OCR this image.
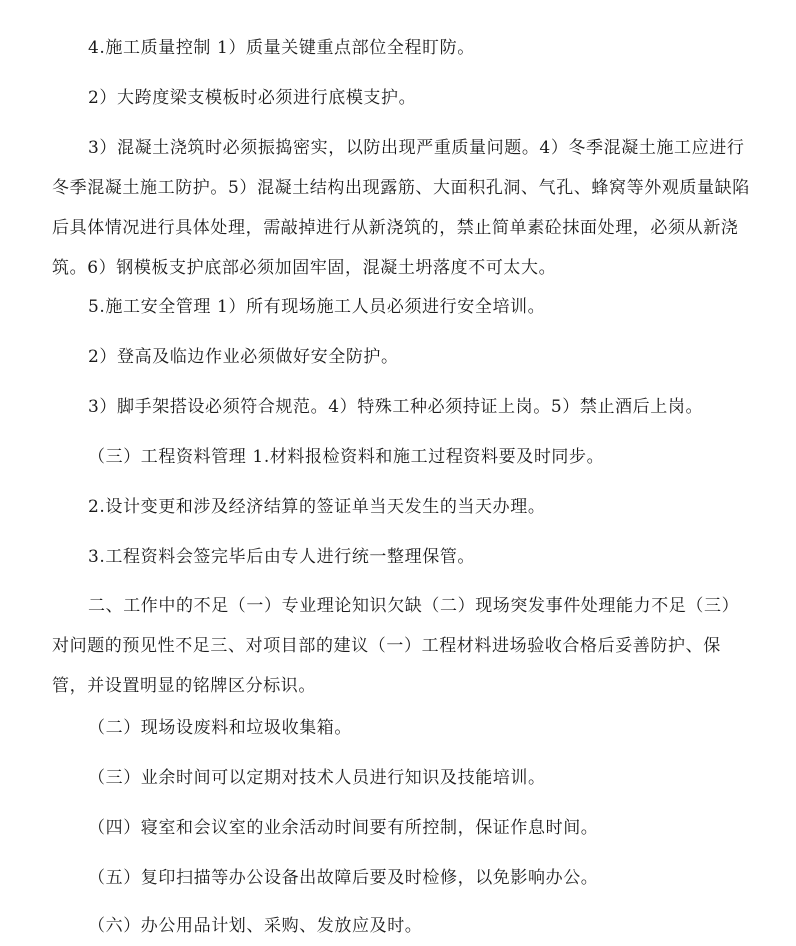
4.施工质量控制 1）质量关键重点部位全程盯防。

2）大跨度梁支模板时必须进行底模支护。

3）混凝土浇筑时必须振捣密实，以防出现严重质量问题。4）冬季混凝土施工应进行冬季混凝土施工防护。5）混凝土结构出现露筋、大面积孔洞、气孔、蜂窝等外观质量缺陷后具体情况进行具体处理，需敲掉进行从新浇筑的，禁止简单素砼抹面处理，必须从新浇筑。6）钢模板支护底部必须加固牢固，混凝土坍落度不可太大。

5.施工安全管理 1）所有现场施工人员必须进行安全培训。

2）登高及临边作业必须做好安全防护。

3）脚手架搭设必须符合规范。4）特殊工种必须持证上岗。5）禁止酒后上岗。

（三）工程资料管理 1.材料报检资料和施工过程资料要及时同步。

2.设计变更和涉及经济结算的签证单当天发生的当天办理。

3.工程资料会签完毕后由专人进行统一整理保管。

二、工作中的不足（一）专业理论知识欠缺（二）现场突发事件处理能力不足（三）对问题的预见性不足三、对项目部的建议（一）工程材料进场验收合格后妥善防护、保管，并设置明显的铭牌区分标识。

（二）现场设废料和垃圾收集箱。

（三）业余时间可以定期对技术人员进行知识及技能培训。

（四）寝室和会议室的业余活动时间要有所控制，保证作息时间。

（五）复印扫描等办公设备出故障后要及时检修，以免影响办公。

（六）办公用品计划、采购、发放应及时。
